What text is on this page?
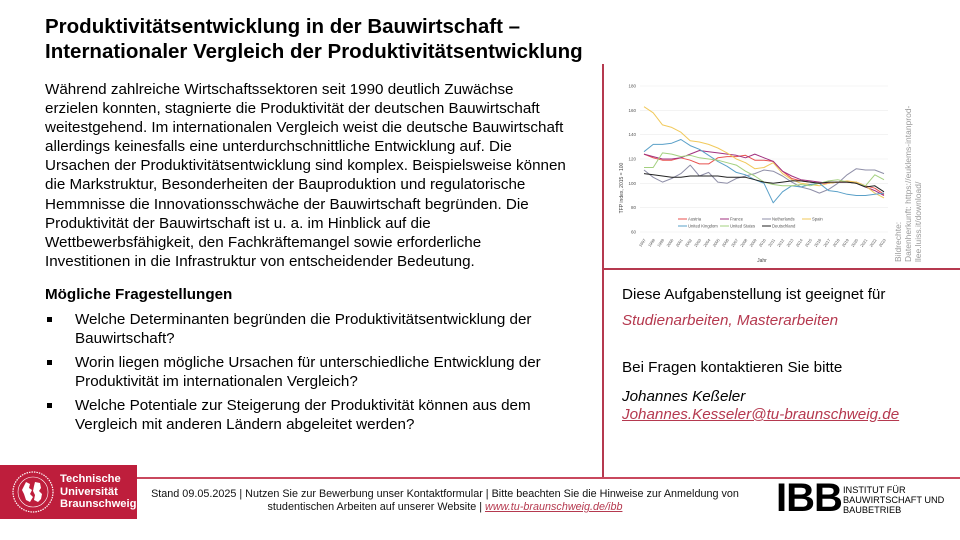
Produktivitätsentwicklung in der Bauwirtschaft –
Internationaler Vergleich der Produktivitätsentwicklung
Während zahlreiche Wirtschaftssektoren seit 1990 deutlich Zuwächse
erzielen konnten, stagnierte die Produktivität der deutschen Bauwirtschaft
weitestgehend. Im internationalen Vergleich weist die deutsche Bauwirtschaft
allerdings keinesfalls eine unterdurchschnittliche Entwicklung auf. Die
Ursachen der Produktivitätsentwicklung sind komplex. Beispielsweise können
die Markstruktur, Besonderheiten der Bauproduktion und regulatorische
Hemmnisse die Innovationsschwäche der Bauwirtschaft begründen. Die
Produktivität der Bauwirtschaft ist u. a. im Hinblick auf die
Wettbewerbsfähigkeit, den Fachkräftemangel sowie erforderliche
Investitionen in die Infrastruktur von entscheidender Bedeutung.
Mögliche Fragestellungen
Welche Determinanten begründen die Produktivitätsentwicklung der
Bauwirtschaft?
Worin liegen mögliche Ursachen für unterschiedliche Entwicklung der
Produktivität im internationalen Vergleich?
Welche Potentiale zur Steigerung der Produktivität können aus dem
Vergleich mit anderen Ländern abgeleitet werden?
60
80
100
120
140
160
180
1997 1998 1999 2000 2001 2002 2003 2004 2005 2006 2007 2008 2009 2010 2011 2012 2013 2014 2015 2016 2017 2018 2019 2020 2021 2022 2023
Austria	France	Netherlands	Spain
United Kingdom	United States	Deutschland
TFP index, 2015 = 100
Jahr	Bildrechte: Datenherkunft: https://euklems-intanprod- llee.luiss.it/download/
Diese Aufgabenstellung ist geeignet für
Studienarbeiten, Masterarbeiten
Bei Fragen kontaktieren Sie bitte
Johannes Keßeler
Johannes.Kesseler@tu-braunschweig.de
Technische
Universität
Braunschweig
Stand 09.05.2025 | Nutzen Sie zur Bewerbung unser Kontaktformular | Bitte beachten Sie die Hinweise zur Anmeldung von
studentischen Arbeiten auf unserer Website | www.tu-braunschweig.de/ibb	IBB INSTITUT FÜR
BAUWIRTSCHAFT UND
BAUBETRIEB
